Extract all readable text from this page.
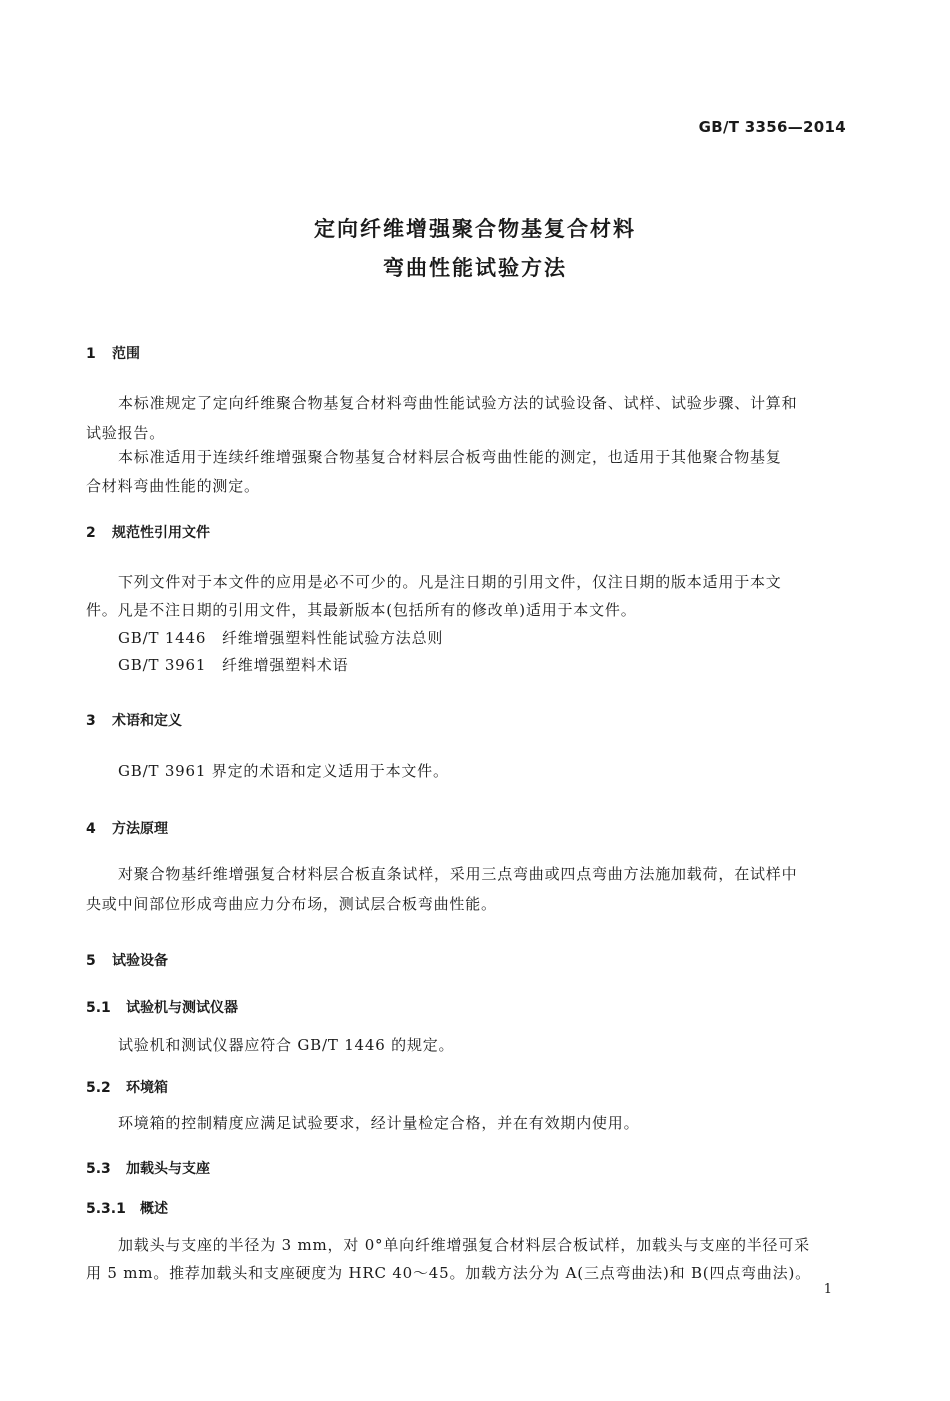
GB/T 3356—2014
定向纤维增强聚合物基复合材料
弯曲性能试验方法
1 范围
本标准规定了定向纤维聚合物基复合材料弯曲性能试验方法的试验设备、试样、试验步骤、计算和
试验报告。
本标准适用于连续纤维增强聚合物基复合材料层合板弯曲性能的测定，也适用于其他聚合物基复
合材料弯曲性能的测定。
2 规范性引用文件
下列文件对于本文件的应用是必不可少的。凡是注日期的引用文件，仅注日期的版本适用于本文
件。凡是不注日期的引用文件，其最新版本(包括所有的修改单)适用于本文件。
GB/T 1446 纤维增强塑料性能试验方法总则
GB/T 3961 纤维增强塑料术语
3 术语和定义
GB/T 3961 界定的术语和定义适用于本文件。
4 方法原理
对聚合物基纤维增强复合材料层合板直条试样，采用三点弯曲或四点弯曲方法施加载荷，在试样中
央或中间部位形成弯曲应力分布场，测试层合板弯曲性能。
5 试验设备
5.1 试验机与测试仪器
试验机和测试仪器应符合 GB/T 1446 的规定。
5.2 环境箱
环境箱的控制精度应满足试验要求，经计量检定合格，并在有效期内使用。
5.3 加载头与支座
5.3.1 概述
加载头与支座的半径为 3 mm，对 0°单向纤维增强复合材料层合板试样，加载头与支座的半径可采
用 5 mm。推荐加载头和支座硬度为 HRC 40～45。加载方法分为 A(三点弯曲法)和 B(四点弯曲法)。
1
